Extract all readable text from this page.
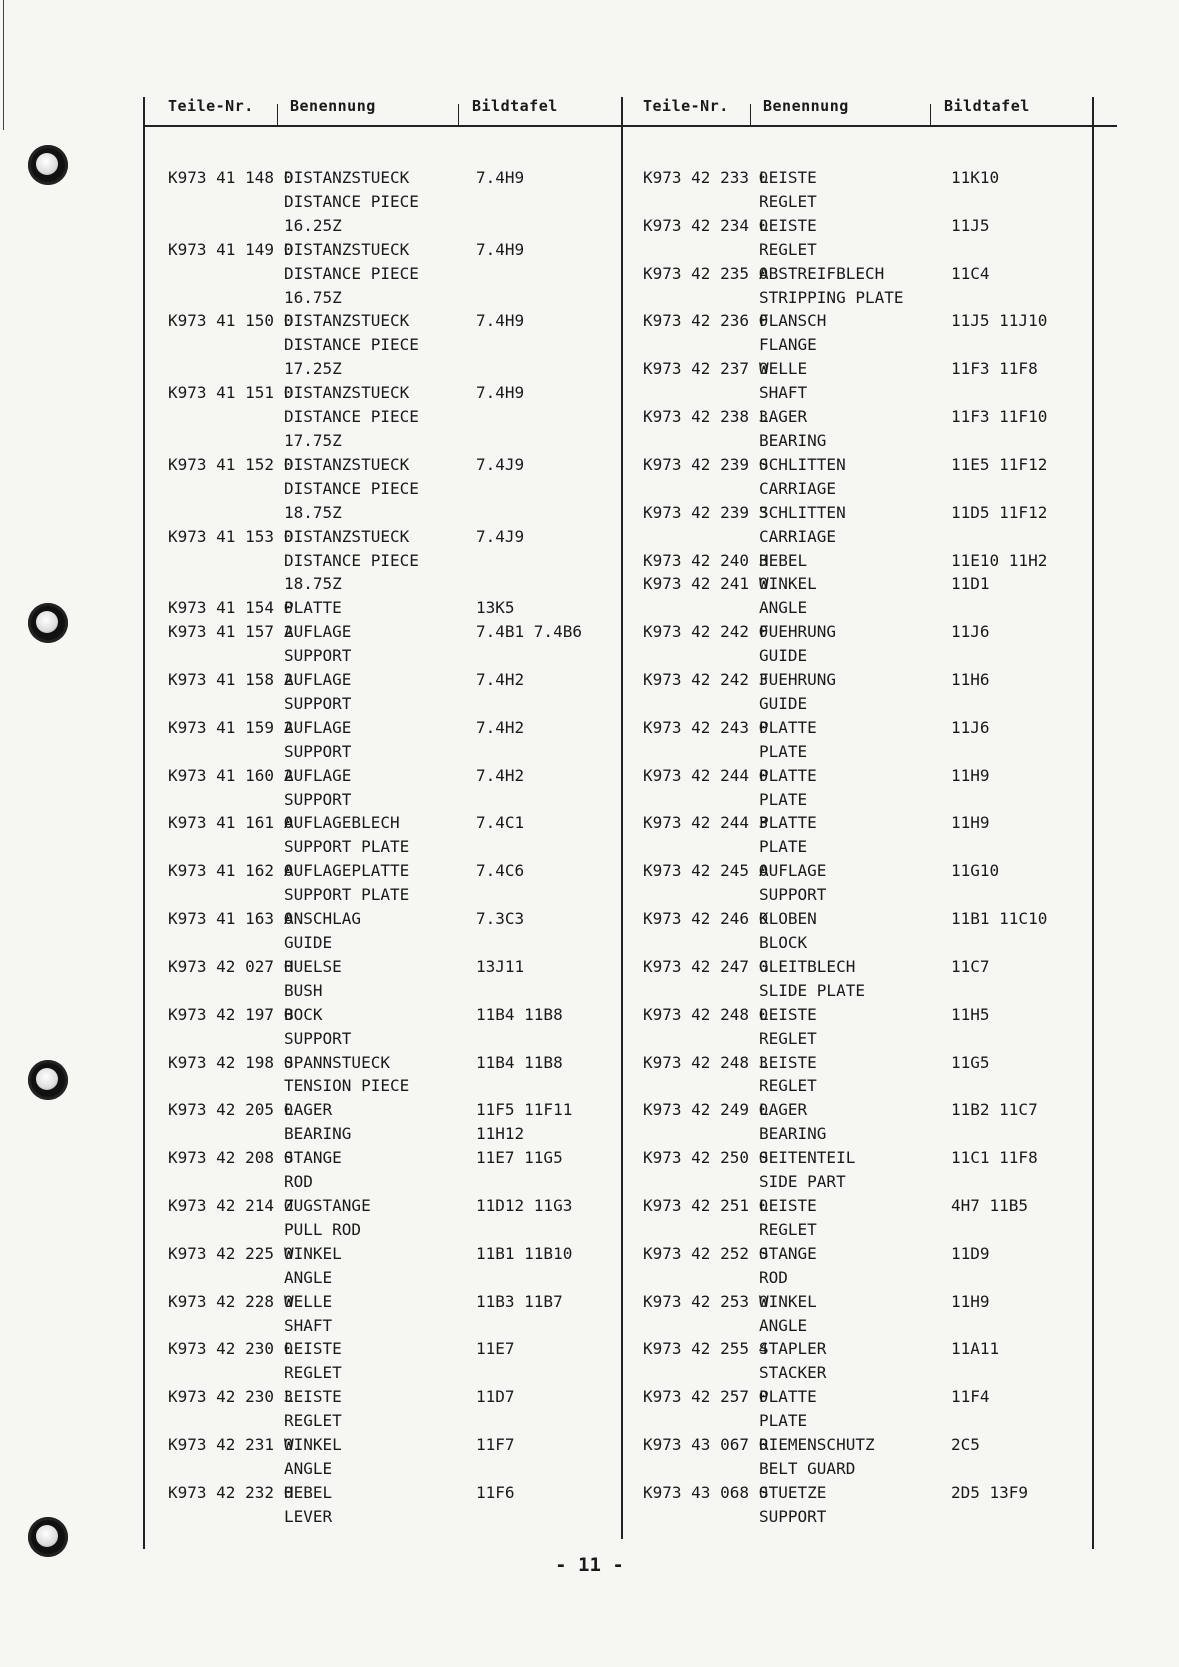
Teile-Nr. Benennung	Bildtafel	Teile-Nr. Benennung	Bildtafel
K973 41 148 0
DISTANZSTUECK	7.4H9
DISTANCE PIECE
16.25Z
K973 41 149 0
DISTANZSTUECK	7.4H9
DISTANCE PIECE
16.75Z
K973 41 150 0
DISTANZSTUECK	7.4H9
DISTANCE PIECE
17.25Z
K973 41 151 0
DISTANZSTUECK	7.4H9
DISTANCE PIECE
17.75Z
K973 41 152 0
DISTANZSTUECK	7.4J9
DISTANCE PIECE
18.75Z
K973 41 153 0
DISTANZSTUECK	7.4J9
DISTANCE PIECE
18.75Z
K973 41 154 0
PLATTE	13K5
K973 41 157 2
AUFLAGE	7.4B1 7.4B6
SUPPORT
K973 41 158 2
AUFLAGE	7.4H2
SUPPORT
K973 41 159 2
AUFLAGE	7.4H2
SUPPORT
K973 41 160 2
AUFLAGE	7.4H2
SUPPORT
K973 41 161 0
AUFLAGEBLECH	7.4C1
SUPPORT PLATE
K973 41 162 0
AUFLAGEPLATTE	7.4C6
SUPPORT PLATE
K973 41 163 0
ANSCHLAG	7.3C3
GUIDE
K973 42 027 0
HUELSE	13J11
BUSH
K973 42 197 0
BOCK	11B4 11B8
SUPPORT
K973 42 198 0
SPANNSTUECK	11B4 11B8
TENSION PIECE
K973 42 205 0
LAGER	11F5 11F11
BEARING	11H12
K973 42 208 0
STANGE	11E7 11G5
ROD
K973 42 214 0
ZUGSTANGE	11D12 11G3
PULL ROD
K973 42 225 0
WINKEL	11B1 11B10
ANGLE
K973 42 228 0
WELLE	11B3 11B7
SHAFT
K973 42 230 0
LEISTE	11E7
REGLET
K973 42 230 3
LEISTE	11D7
REGLET
K973 42 231 0
WINKEL	11F7
ANGLE
K973 42 232 0
HEBEL	11F6
LEVER
K973 42 233 0
LEISTE	11K10
REGLET
K973 42 234 0
LEISTE	11J5
REGLET
K973 42 235 0
ABSTREIFBLECH	11C4
STRIPPING PLATE
K973 42 236 0
FLANSCH	11J5 11J10
FLANGE
K973 42 237 0
WELLE	11F3 11F8
SHAFT
K973 42 238 3
LAGER	11F3 11F10
BEARING
K973 42 239 0
SCHLITTEN	11E5 11F12
CARRIAGE
K973 42 239 3
SCHLITTEN	11D5 11F12
CARRIAGE
K973 42 240 3
HEBEL	11E10 11H2
K973 42 241 0
WINKEL	11D1
ANGLE
K973 42 242 0
FUEHRUNG	11J6
GUIDE
K973 42 242 3
FUEHRUNG	11H6
GUIDE
K973 42 243 0
PLATTE	11J6
PLATE
K973 42 244 0
PLATTE	11H9
PLATE
K973 42 244 3
PLATTE	11H9
PLATE
K973 42 245 0
AUFLAGE	11G10
SUPPORT
K973 42 246 0
KLOBEN	11B1 11C10
BLOCK
K973 42 247 0
GLEITBLECH	11C7
SLIDE PLATE
K973 42 248 0
LEISTE	11H5
REGLET
K973 42 248 3
LEISTE	11G5
REGLET
K973 42 249 0
LAGER	11B2 11C7
BEARING
K973 42 250 0
SEITENTEIL	11C1 11F8
SIDE PART
K973 42 251 0
LEISTE	4H7 11B5
REGLET
K973 42 252 0
STANGE	11D9
ROD
K973 42 253 0
WINKEL	11H9
ANGLE
K973 42 255 4
STAPLER	11A11
STACKER
K973 42 257 0
PLATTE	11F4
PLATE
K973 43 067 0
RIEMENSCHUTZ	2C5
BELT GUARD
K973 43 068 0
STUETZE	2D5 13F9
SUPPORT
- 11 -
